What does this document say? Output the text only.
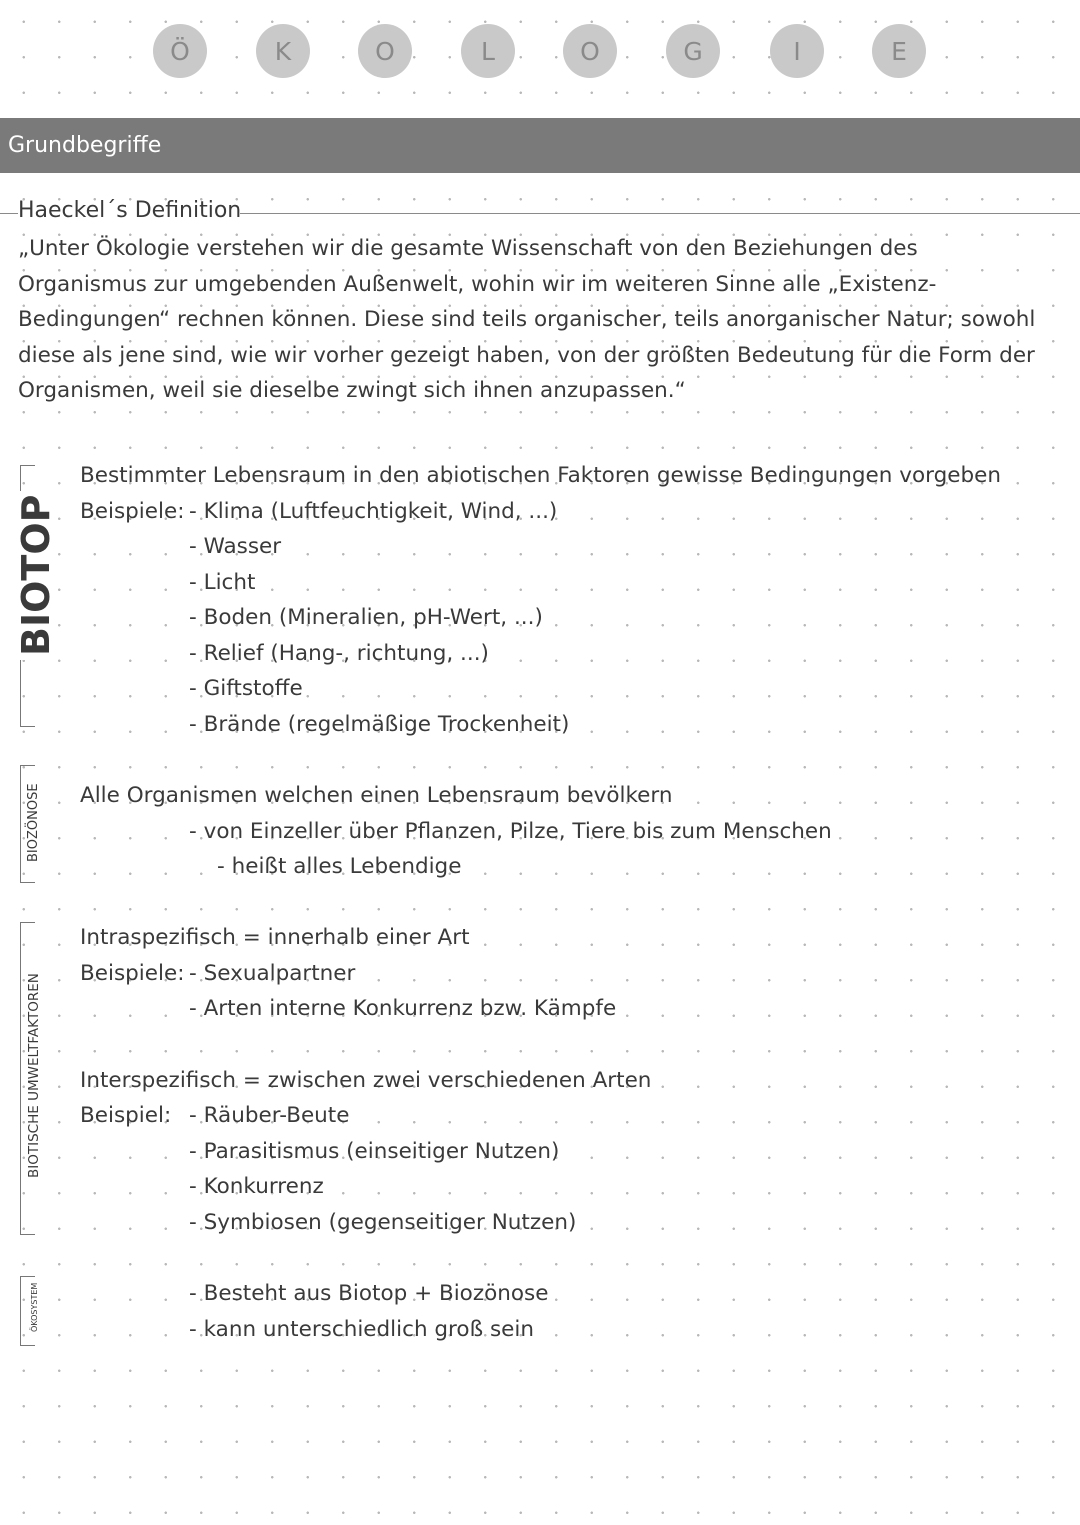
Ö	K	O	L	O	G	I	E
Grundbegriffe
Haeckel´s Definition
„Unter Ökologie verstehen wir die gesamte Wissenschaft von den Beziehungen des
Organismus zur umgebenden Außenwelt, wohin wir im weiteren Sinne alle „Existenz-
Bedingungen“ rechnen können. Diese sind teils organischer, teils anorganischer Natur; sowohl
diese als jene sind, wie wir vorher gezeigt haben, von der größten Bedeutung für die Form der
Organismen, weil sie dieselbe zwingt sich ihnen anzupassen.“
BIOTOP
Bestimmter Lebensraum in den abiotischen Faktoren gewisse Bedingungen vorgeben
Beispiele: - Klima (Luftfeuchtigkeit, Wind, ...)
- Wasser
- Licht
- Boden (Mineralien, pH-Wert, ...)
- Relief (Hang-, richtung, ...)
- Giftstoffe
- Brände (regelmäßige Trockenheit)
BIOZÖNOSE Alle Organismen welchen einen Lebensraum bevölkern
- von Einzeller über Pflanzen, Pilze, Tiere bis zum Menschen
- heißt alles Lebendige
BIOTISCHE UMWELTFAKTOREN
Intraspezifisch = innerhalb einer Art
Beispiele: - Sexualpartner
- Arten interne Konkurrenz bzw. Kämpfe
Interspezifisch = zwischen zwei verschiedenen Arten
Beispiel: - Räuber-Beute
- Parasitismus (einseitiger Nutzen)
- Konkurrenz
- Symbiosen (gegenseitiger Nutzen)
ÖKOSYSTEM	- Besteht aus Biotop + Biozönose
- kann unterschiedlich groß sein
